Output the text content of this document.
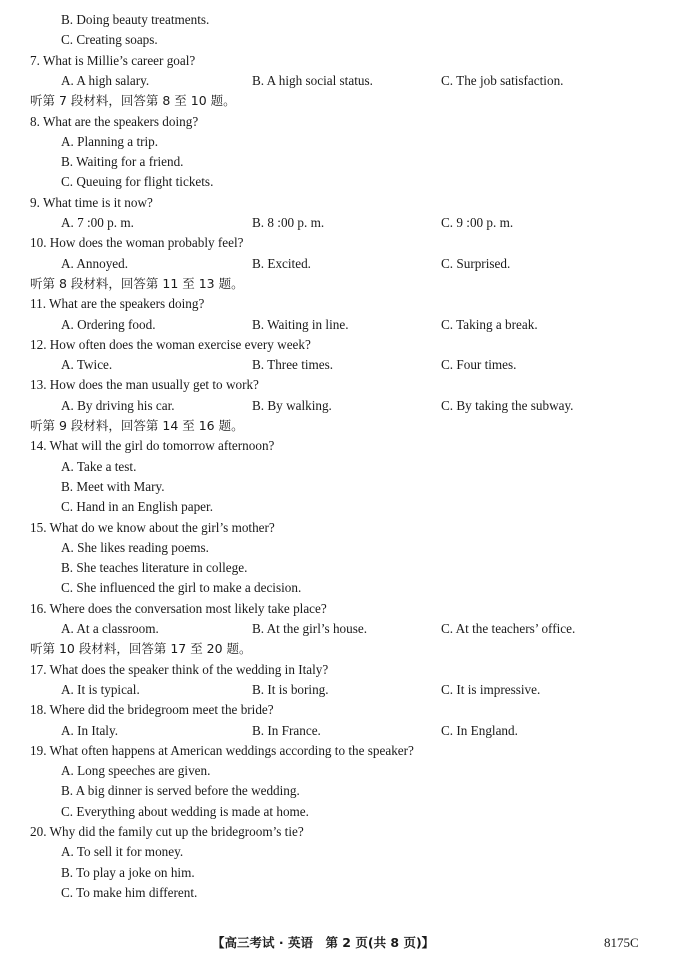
B. Doing beauty treatments.
C. Creating soaps.
7. What is Millie’s career goal?
A. A high salary.	B. A high social status.	C. The job satisfaction.
听第 7 段材料，回答第 8 至 10 题。
8. What are the speakers doing?
A. Planning a trip.
B. Waiting for a friend.
C. Queuing for flight tickets.
9. What time is it now?
A. 7 :00 p. m.	B. 8 :00 p. m.	C. 9 :00 p. m.
10. How does the woman probably feel?
A. Annoyed.	B. Excited.	C. Surprised.
听第 8 段材料，回答第 11 至 13 题。
11. What are the speakers doing?
A. Ordering food.	B. Waiting in line.	C. Taking a break.
12. How often does the woman exercise every week?
A. Twice.	B. Three times.	C. Four times.
13. How does the man usually get to work?
A. By driving his car.	B. By walking.	C. By taking the subway.
听第 9 段材料，回答第 14 至 16 题。
14. What will the girl do tomorrow afternoon?
A. Take a test.
B. Meet with Mary.
C. Hand in an English paper.
15. What do we know about the girl’s mother?
A. She likes reading poems.
B. She teaches literature in college.
C. She influenced the girl to make a decision.
16. Where does the conversation most likely take place?
A. At a classroom.	B. At the girl’s house.	C. At the teachers’ office.
听第 10 段材料，回答第 17 至 20 题。
17. What does the speaker think of the wedding in Italy?
A. It is typical.	B. It is boring.	C. It is impressive.
18. Where did the bridegroom meet the bride?
A. In Italy.	B. In France.	C. In England.
19. What often happens at American weddings according to the speaker?
A. Long speeches are given.
B. A big dinner is served before the wedding.
C. Everything about wedding is made at home.
20. Why did the family cut up the bridegroom’s tie?
A. To sell it for money.
B. To play a joke on him.
C. To make him different.
【高三考试 · 英语　第 2 页(共 8 页)】	8175C
